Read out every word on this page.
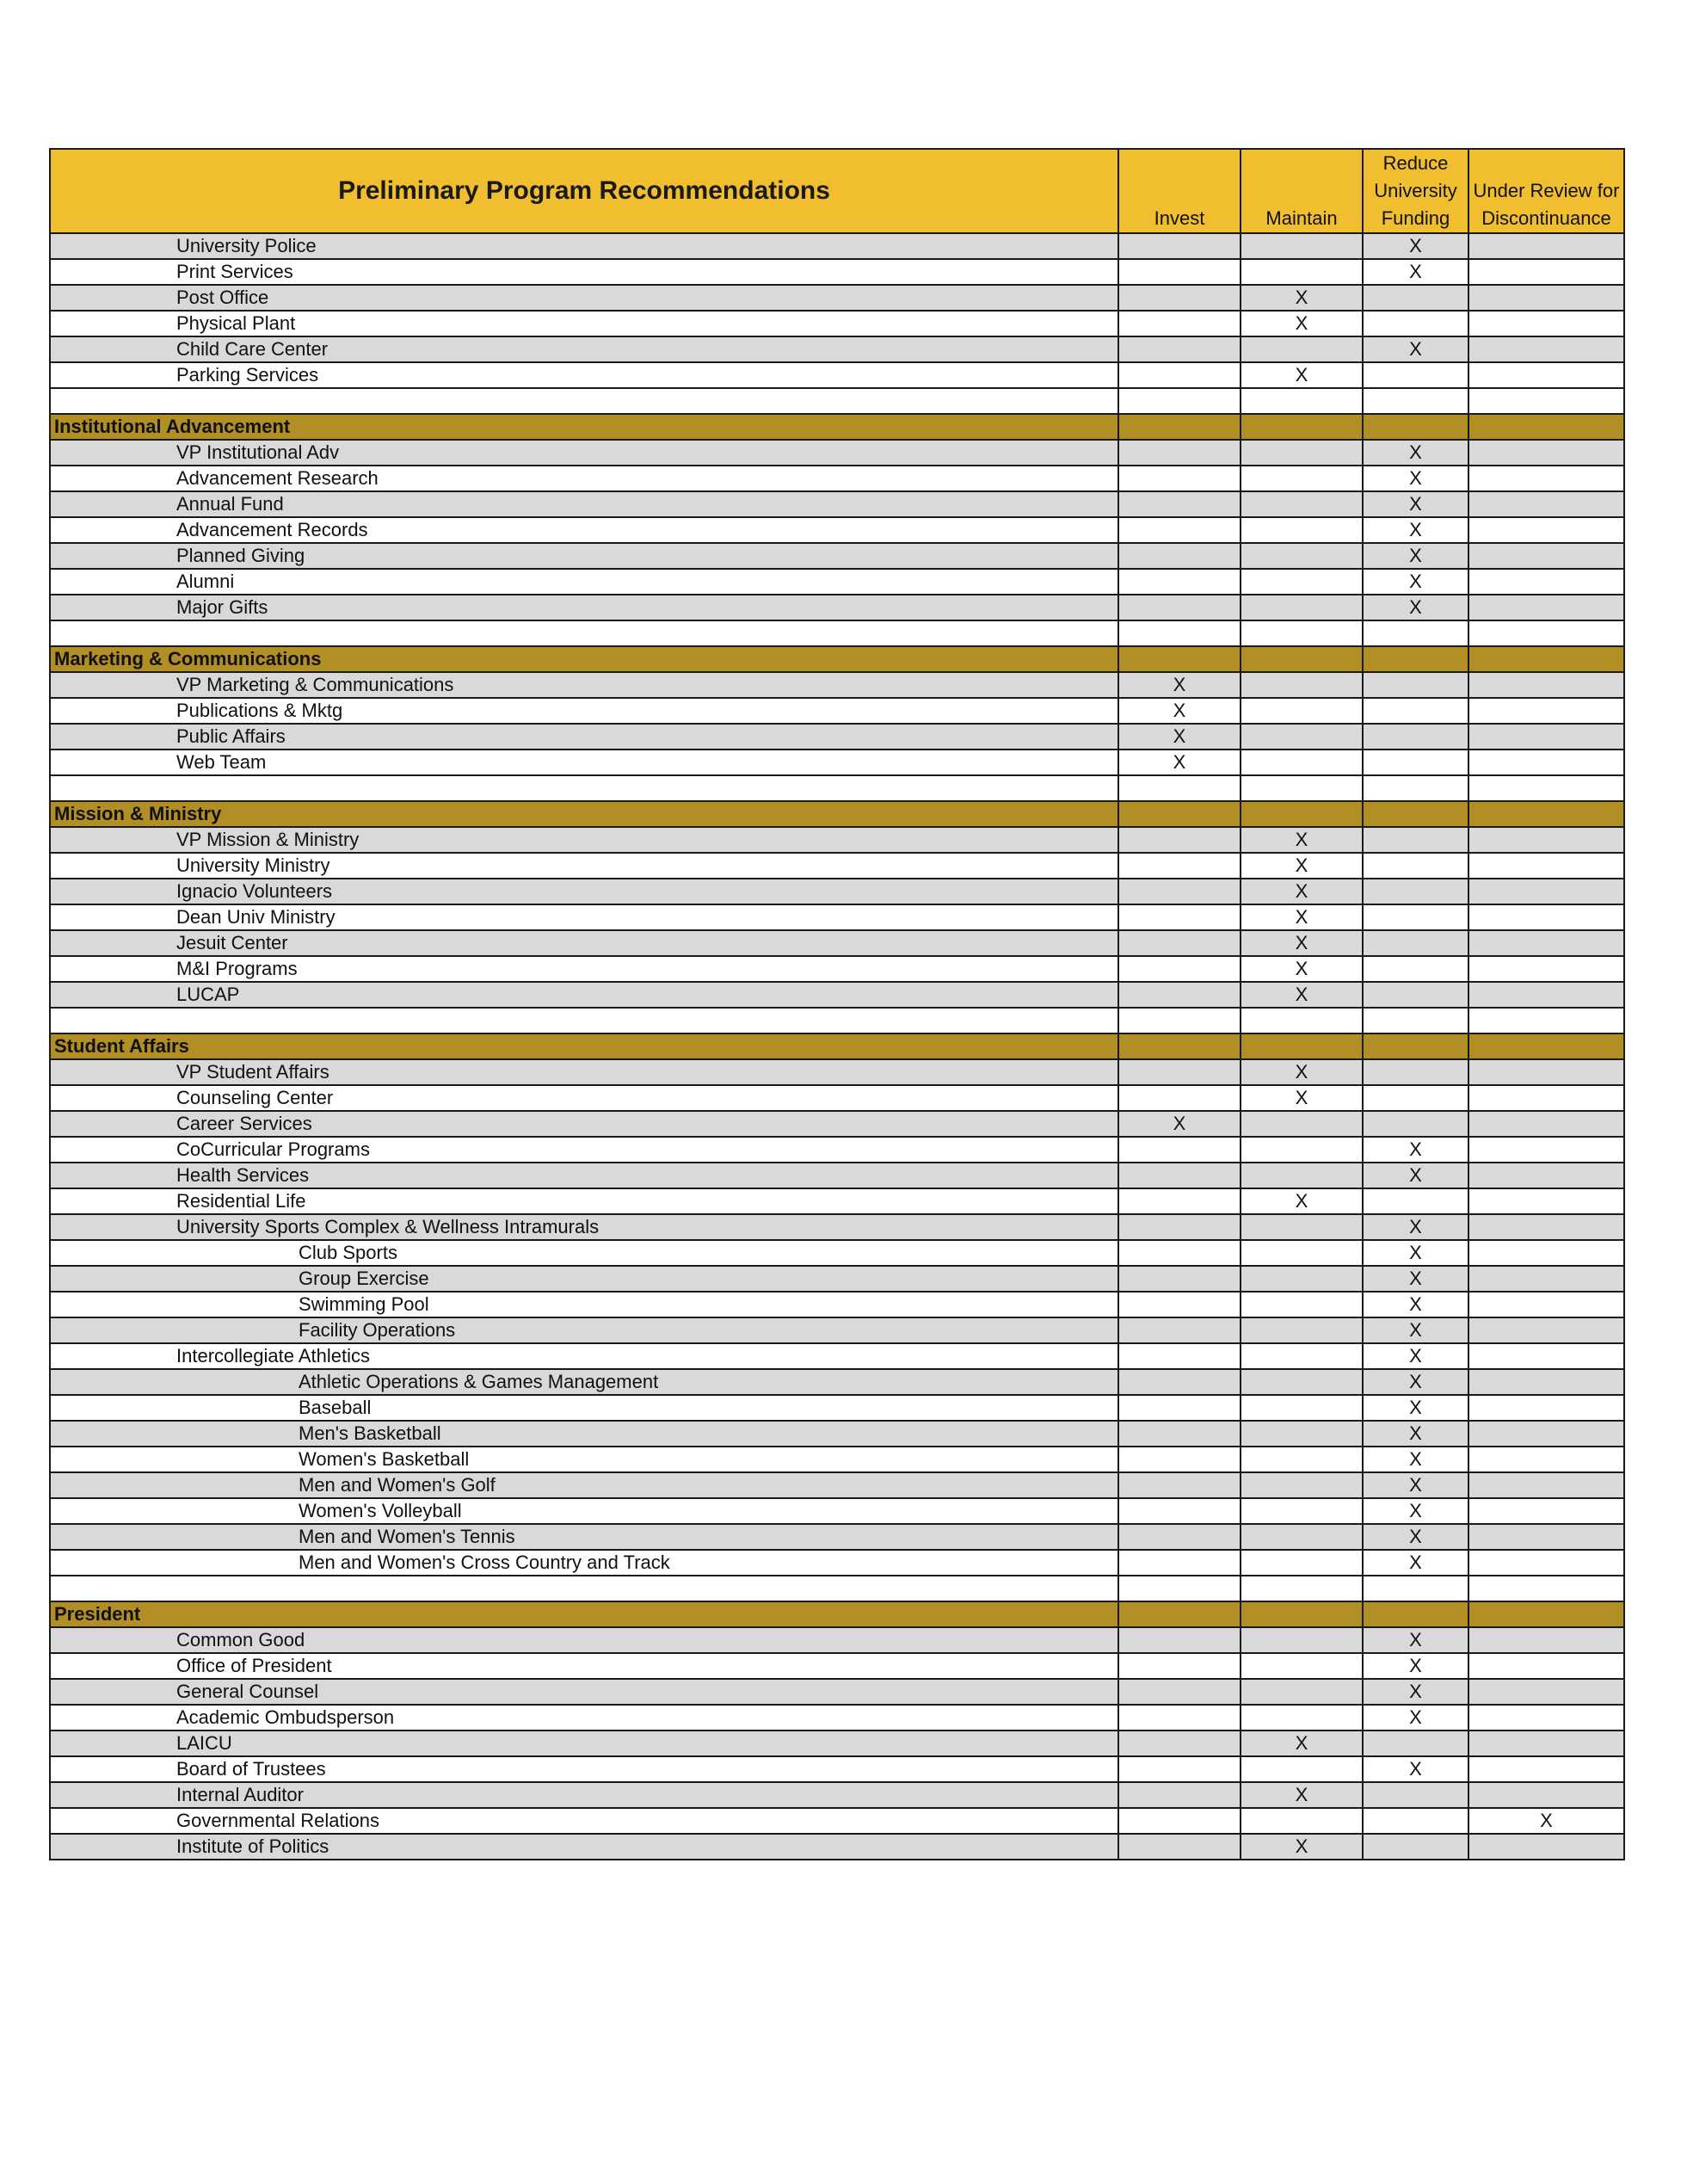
Preliminary Program Recommendations	Invest	Maintain	Reduce University Funding	Under Review for Discontinuance
University Police			X	
Print Services			X	
Post Office		X		
Physical Plant		X		
Child Care Center			X	
Parking Services		X		

Institutional Advancement				
VP Institutional Adv			X	
Advancement Research			X	
Annual Fund			X	
Advancement Records			X	
Planned Giving			X	
Alumni			X	
Major Gifts			X	

Marketing & Communications				
VP Marketing & Communications	X			
Publications & Mktg	X			
Public Affairs	X			
Web Team	X			

Mission & Ministry				
VP Mission & Ministry		X		
University Ministry		X		
Ignacio Volunteers		X		
Dean Univ Ministry		X		
Jesuit Center		X		
M&I Programs		X		
LUCAP		X		

Student Affairs				
VP Student Affairs		X		
Counseling Center		X		
Career Services	X			
CoCurricular Programs			X	
Health Services			X	
Residential Life		X		
University Sports Complex & Wellness Intramurals			X	
Club Sports			X	
Group Exercise			X	
Swimming Pool			X	
Facility Operations			X	
Intercollegiate Athletics			X	
Athletic Operations & Games Management			X	
Baseball			X	
Men's Basketball			X	
Women's Basketball			X	
Men and Women's Golf			X	
Women's Volleyball			X	
Men and Women's Tennis			X	
Men and Women's Cross Country and Track			X	

President				
Common Good			X	
Office of President			X	
General Counsel			X	
Academic Ombudsperson			X	
LAICU		X		
Board of Trustees			X	
Internal Auditor		X		
Governmental Relations				X
Institute of Politics		X		
